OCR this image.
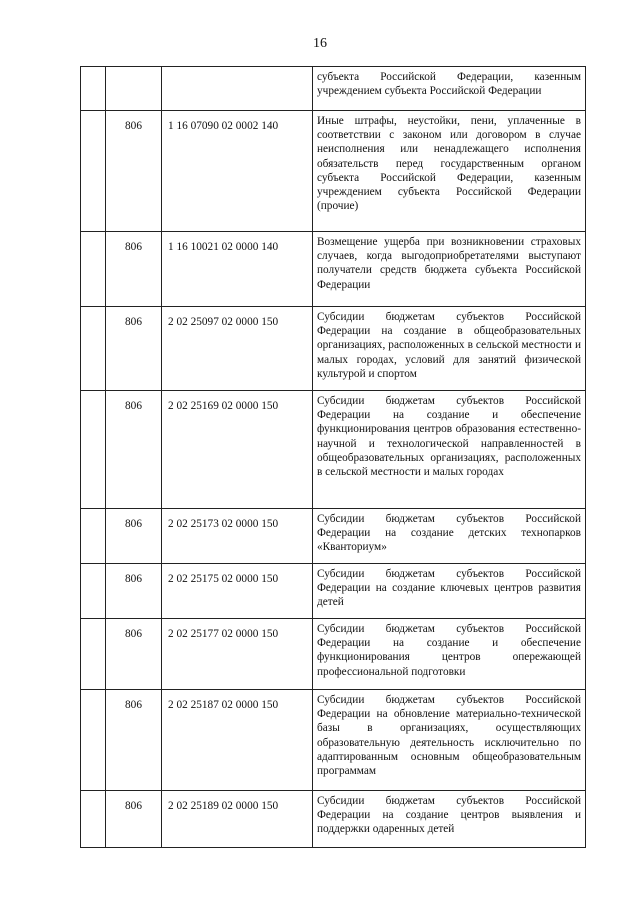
16
			субъекта Российской Федерации, казенным учреждением субъекта Российской Федерации
	806	1 16 07090 02 0002 140	Иные штрафы, неустойки, пени, уплаченные в соответствии с законом или договором в случае неисполнения или ненадлежащего исполнения обязательств перед государственным органом субъекта Российской Федерации, казенным учреждением субъекта Российской Федерации (прочие)
	806	1 16 10021 02 0000 140	Возмещение ущерба при возникновении страховых случаев, когда выгодоприобретателями выступают получатели средств бюджета субъекта Российской Федерации
	806	2 02 25097 02 0000 150	Субсидии бюджетам субъектов Российской Федерации на создание в общеобразовательных организациях, расположенных в сельской местности и малых городах, условий для занятий физической культурой и спортом
	806	2 02 25169 02 0000 150	Субсидии бюджетам субъектов Российской Федерации на создание и обеспечение функционирования центров образования естественно-научной и технологической направленностей в общеобразовательных организациях, расположенных в сельской местности и малых городах
	806	2 02 25173 02 0000 150	Субсидии бюджетам субъектов Российской Федерации на создание детских технопарков «Кванториум»
	806	2 02 25175 02 0000 150	Субсидии бюджетам субъектов Российской Федерации на создание ключевых центров развития детей
	806	2 02 25177 02 0000 150	Субсидии бюджетам субъектов Российской Федерации на создание и обеспечение функционирования центров опережающей профессиональной подготовки
	806	2 02 25187 02 0000 150	Субсидии бюджетам субъектов Российской Федерации на обновление материально-технической базы в организациях, осуществляющих образовательную деятельность исключительно по адаптированным основным общеобразовательным программам
	806	2 02 25189 02 0000 150	Субсидии бюджетам субъектов Российской Федерации на создание центров выявления и поддержки одаренных детей
